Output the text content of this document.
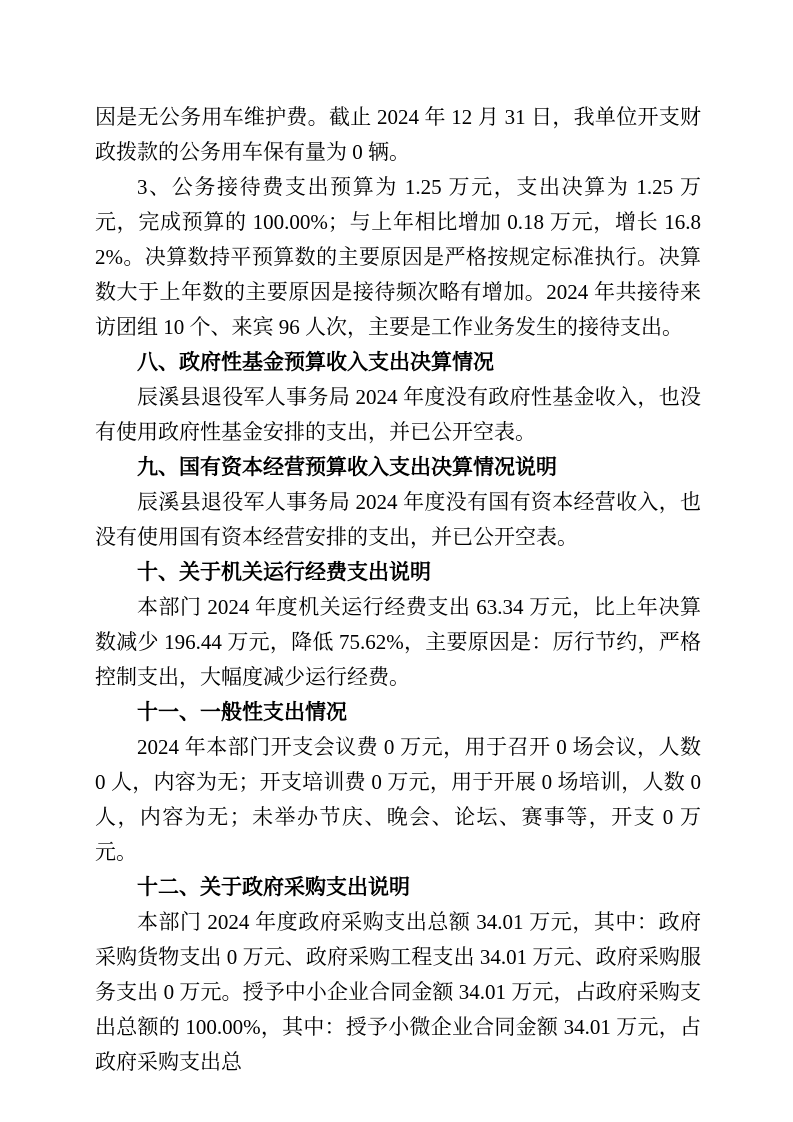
因是无公务用车维护费。截止 2024 年 12 月 31 日，我单位开支财政拨款的公务用车保有量为 0 辆。

3、公务接待费支出预算为 1.25 万元，支出决算为 1.25 万元，完成预算的 100.00%；与上年相比增加 0.18 万元，增长 16.82%。决算数持平预算数的主要原因是严格按规定标准执行。决算数大于上年数的主要原因是接待频次略有增加。2024 年共接待来访团组 10 个、来宾 96 人次，主要是工作业务发生的接待支出。

八、政府性基金预算收入支出决算情况

辰溪县退役军人事务局 2024 年度没有政府性基金收入，也没有使用政府性基金安排的支出，并已公开空表。

九、国有资本经营预算收入支出决算情况说明

辰溪县退役军人事务局 2024 年度没有国有资本经营收入，也没有使用国有资本经营安排的支出，并已公开空表。

十、关于机关运行经费支出说明

本部门 2024 年度机关运行经费支出 63.34 万元，比上年决算数减少 196.44 万元，降低 75.62%，主要原因是：厉行节约，严格控制支出，大幅度减少运行经费。

十一、一般性支出情况

2024 年本部门开支会议费 0 万元，用于召开 0 场会议，人数 0 人，内容为无；开支培训费 0 万元，用于开展 0 场培训，人数 0 人，内容为无；未举办节庆、晚会、论坛、赛事等，开支 0 万元。

十二、关于政府采购支出说明

本部门 2024 年度政府采购支出总额 34.01 万元，其中：政府采购货物支出 0 万元、政府采购工程支出 34.01 万元、政府采购服务支出 0 万元。授予中小企业合同金额 34.01 万元，占政府采购支出总额的 100.00%，其中：授予小微企业合同金额 34.01 万元，占政府采购支出总
